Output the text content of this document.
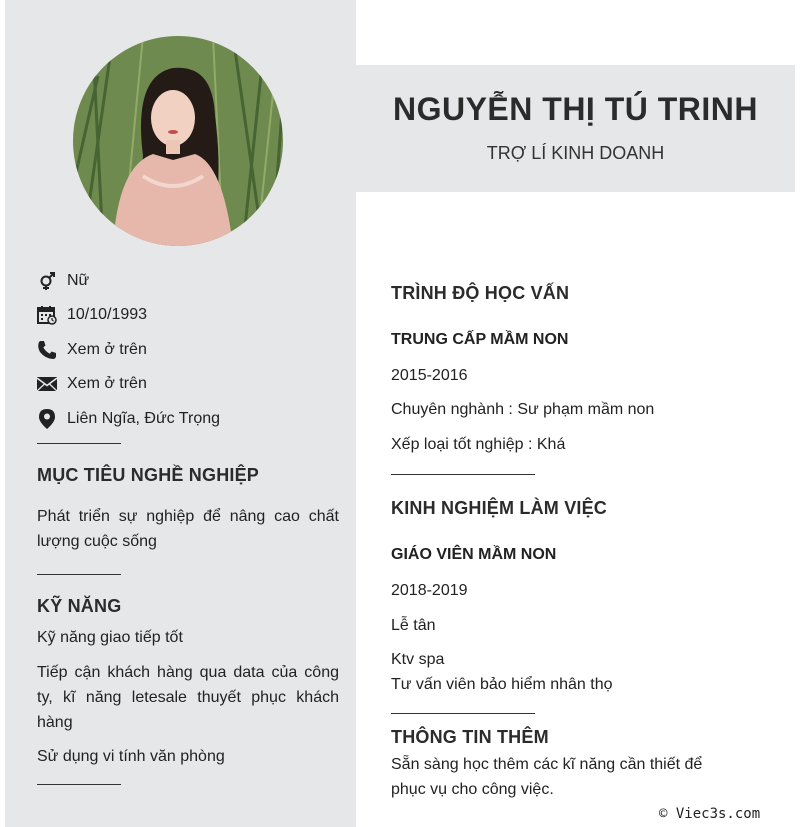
Nữ
10/10/1993
Xem ở trên
Xem ở trên
Liên Ngĩa, Đức Trọng
MỤC TIÊU NGHỀ NGHIỆP
Phát triển sự nghiệp để nâng cao chất lượng cuộc sống
KỸ NĂNG
Kỹ năng giao tiếp tốt
Tiếp cận khách hàng qua data của công ty, kĩ năng letesale thuyết phục khách hàng
Sử dụng vi tính văn phòng
NGUYỄN THỊ TÚ TRINH
TRỢ LÍ KINH DOANH
TRÌNH ĐỘ HỌC VẤN
TRUNG CẤP MẦM NON
2015-2016
Chuyên nghành : Sư phạm mầm non
Xếp loại tốt nghiệp : Khá
KINH NGHIỆM LÀM VIỆC
GIÁO VIÊN MẦM NON
2018-2019
Lễ tân
Ktv spa
Tư vấn viên bảo hiểm nhân thọ
THÔNG TIN THÊM
Sẵn sàng học thêm các kĩ năng cần thiết để phục vụ cho công việc.
© Viec3s.com
